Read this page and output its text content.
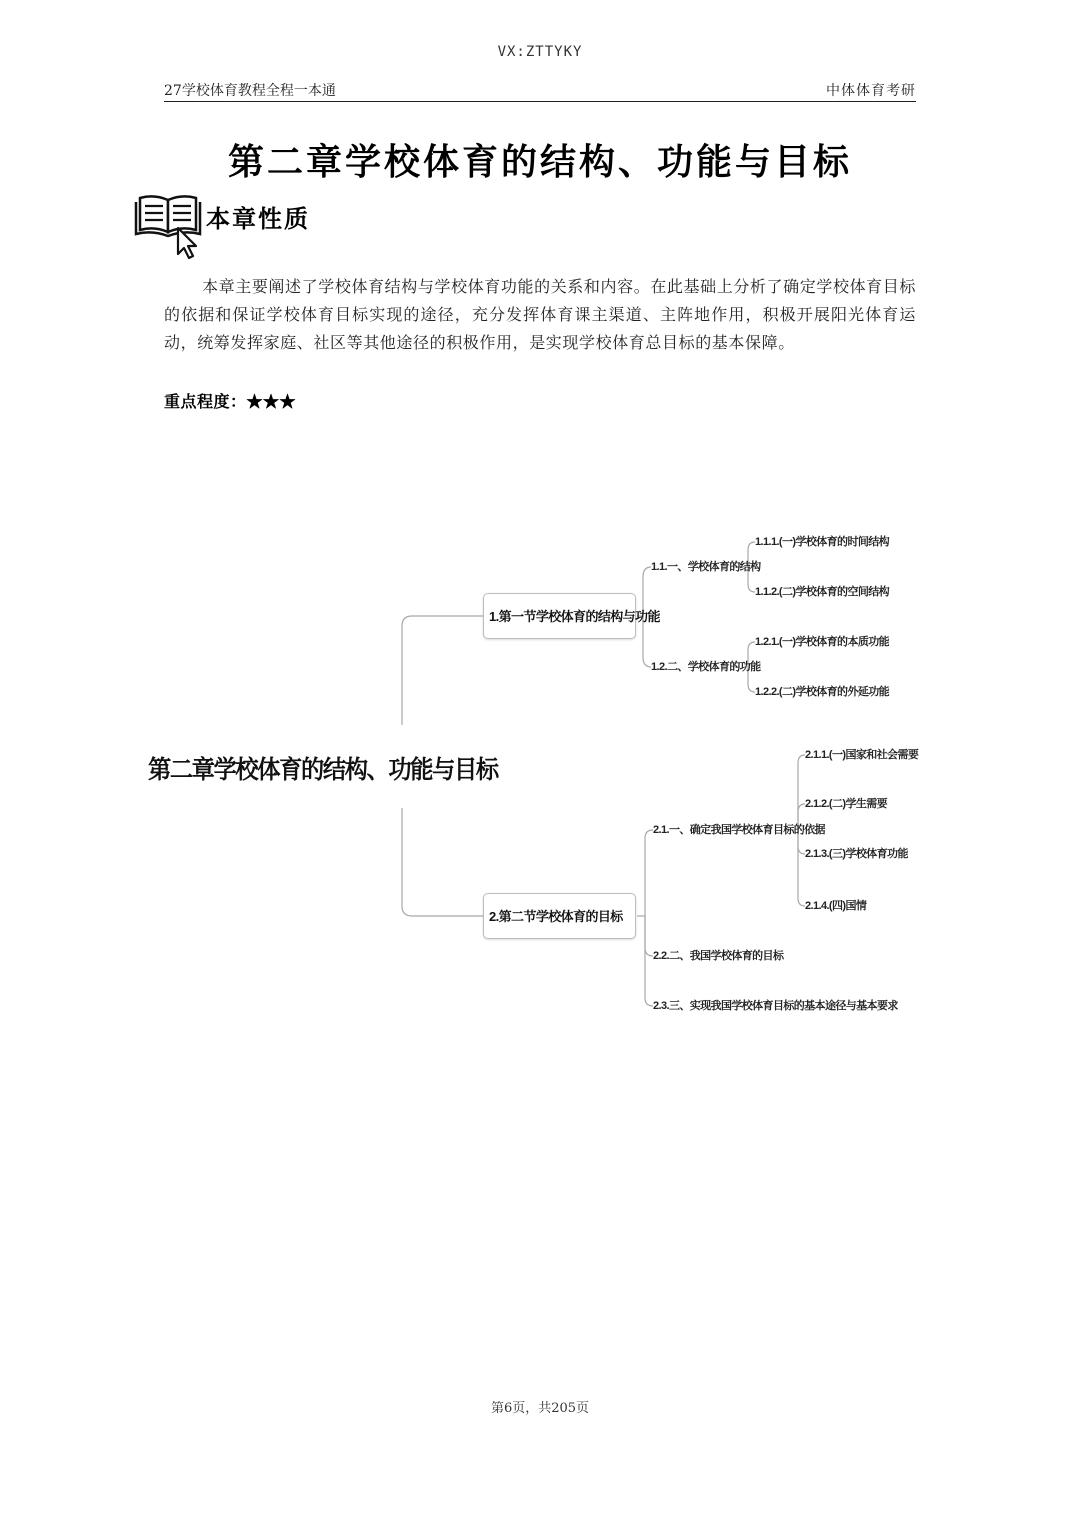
VX:ZTTYKY
27学校体育教程全程一本通	中体体育考研
第二章学校体育的结构、功能与目标
本章性质
本章主要阐述了学校体育结构与学校体育功能的关系和内容。在此基础上分析了确定学校体育目标的依据和保证学校体育目标实现的途径，充分发挥体育课主渠道、主阵地作用，积极开展阳光体育运动，统筹发挥家庭、社区等其他途径的积极作用，是实现学校体育总目标的基本保障。
重点程度：★★★
第二章学校体育的结构、功能与目标
1.第一节学校体育的结构与功能
1.1.一、学校体育的结构
1.1.1.(一)学校体育的时间结构
1.1.2.(二)学校体育的空间结构
1.2.二、学校体育的功能
1.2.1.(一)学校体育的本质功能
1.2.2.(二)学校体育的外延功能
2.第二节学校体育的目标
2.1.一、确定我国学校体育目标的依据
2.1.1.(一)国家和社会需要
2.1.2.(二)学生需要
2.1.3.(三)学校体育功能
2.1.4.(四)国情
2.2.二、我国学校体育的目标
2.3.三、实现我国学校体育目标的基本途径与基本要求
第6页，共205页
